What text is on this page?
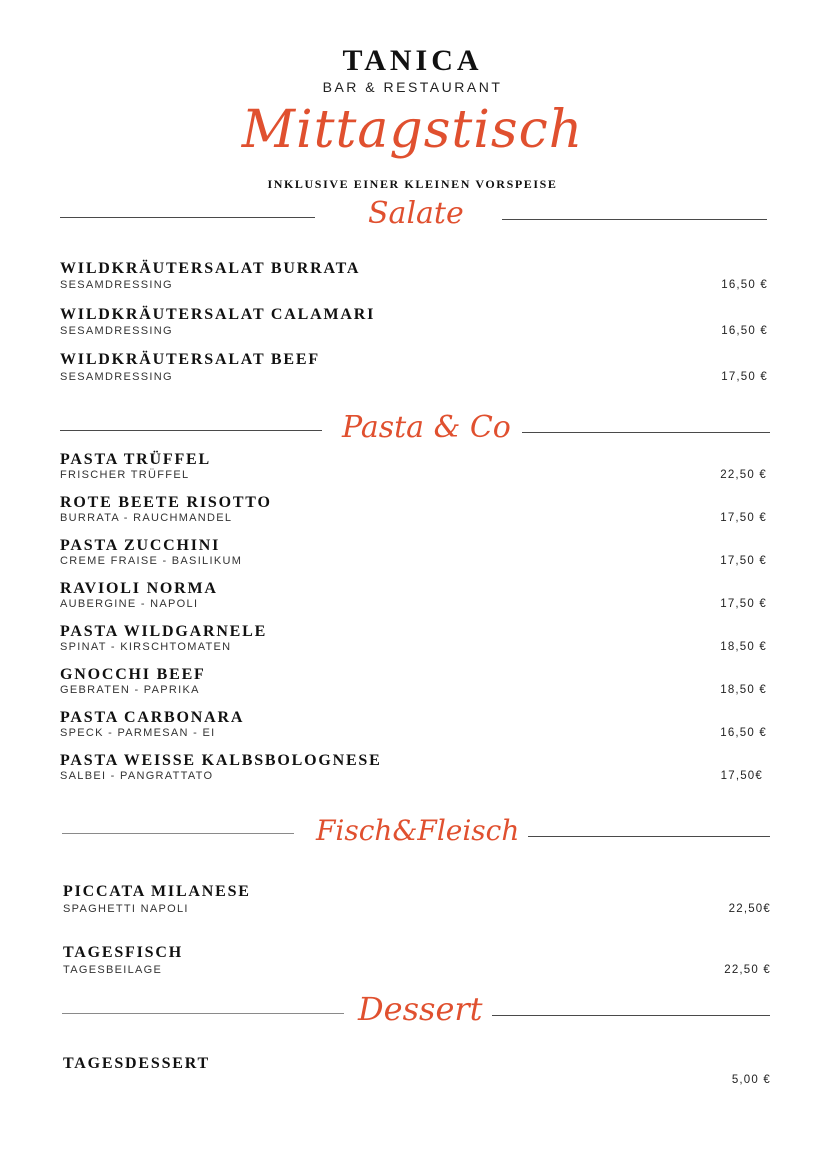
TANICA
BAR & RESTAURANT
Mittagstisch
INKLUSIVE EINER KLEINEN VORSPEISE
Salate
WILDKRÄUTERSALAT BURRATA
SESAMDRESSING	16,50 €
WILDKRÄUTERSALAT CALAMARI
SESAMDRESSING	16,50 €
WILDKRÄUTERSALAT BEEF
SESAMDRESSING	17,50 €
Pasta & Co
PASTA TRÜFFEL
FRISCHER TRÜFFEL	22,50 €
ROTE BEETE RISOTTO
BURRATA - RAUCHMANDEL	17,50 €
PASTA ZUCCHINI
CREME FRAISE - BASILIKUM	17,50 €
RAVIOLI NORMA
AUBERGINE - NAPOLI	17,50 €
PASTA WILDGARNELE
SPINAT - KIRSCHTOMATEN	18,50 €
GNOCCHI BEEF
GEBRATEN - PAPRIKA	18,50 €
PASTA CARBONARA
SPECK - PARMESAN - EI	16,50 €
PASTA WEISSE KALBSBOLOGNESE
SALBEI - PANGRATTATO	17,50€
Fisch&Fleisch
PICCATA MILANESE
SPAGHETTI NAPOLI	22,50€
TAGESFISCH
TAGESBEILAGE	22,50 €
Dessert
TAGESDESSERT
5,00 €
